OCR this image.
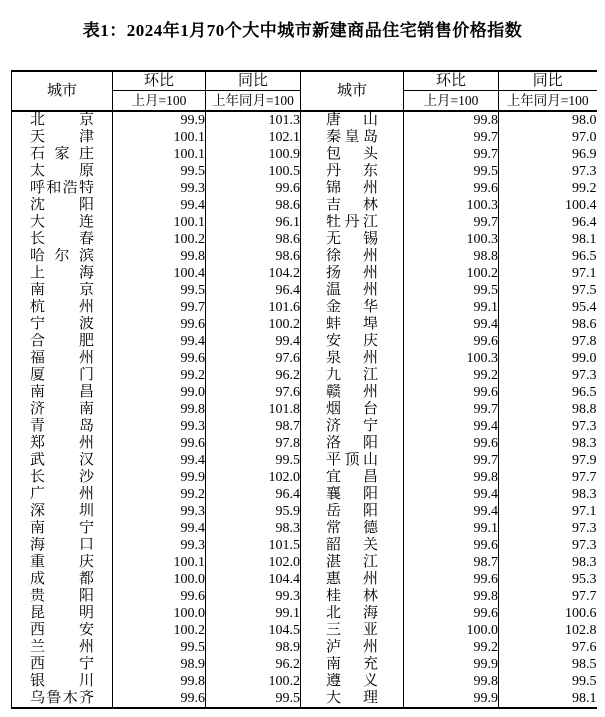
表1：2024年1月70个大中城市新建商品住宅销售价格指数
城市	环比	同比	城市	环比	同比
	上月=100	上年同月=100		上月=100	上年同月=100

北京	99.9	101.3	唐山	99.8	98.0

天津	100.1	102.1	秦皇岛	99.7	97.0

石家庄	100.1	100.9	包头	99.7	96.9

太原	99.5	100.5	丹东	99.5	97.3

呼和浩特	99.3	99.6	锦州	99.6	99.2

沈阳	99.4	98.6	吉林	100.3	100.4

大连	100.1	96.1	牡丹江	99.7	96.4

长春	100.2	98.6	无锡	100.3	98.1

哈尔滨	99.8	98.6	徐州	98.8	96.5

上海	100.4	104.2	扬州	100.2	97.1

南京	99.5	96.4	温州	99.5	97.5

杭州	99.7	101.6	金华	99.1	95.4

宁波	99.6	100.2	蚌埠	99.4	98.6

合肥	99.4	99.4	安庆	99.6	97.8

福州	99.6	97.6	泉州	100.3	99.0

厦门	99.2	96.2	九江	99.2	97.3

南昌	99.0	97.6	赣州	99.6	96.5

济南	99.8	101.8	烟台	99.7	98.8

青岛	99.3	98.7	济宁	99.4	97.3

郑州	99.6	97.8	洛阳	99.6	98.3

武汉	99.4	99.5	平顶山	99.7	97.9

长沙	99.9	102.0	宜昌	99.8	97.7

广州	99.2	96.4	襄阳	99.4	98.3

深圳	99.3	95.9	岳阳	99.4	97.1

南宁	99.4	98.3	常德	99.1	97.3

海口	99.3	101.5	韶关	99.6	97.3

重庆	100.1	102.0	湛江	98.7	98.3

成都	100.0	104.4	惠州	99.6	95.3

贵阳	99.6	99.3	桂林	99.8	97.7

昆明	100.0	99.1	北海	99.6	100.6

西安	100.2	104.5	三亚	100.0	102.8

兰州	99.5	98.9	泸州	99.2	97.6

西宁	98.9	96.2	南充	99.9	98.5

银川	99.8	100.2	遵义	99.8	99.5

乌鲁木齐	99.6	99.5	大理	99.9	98.1
